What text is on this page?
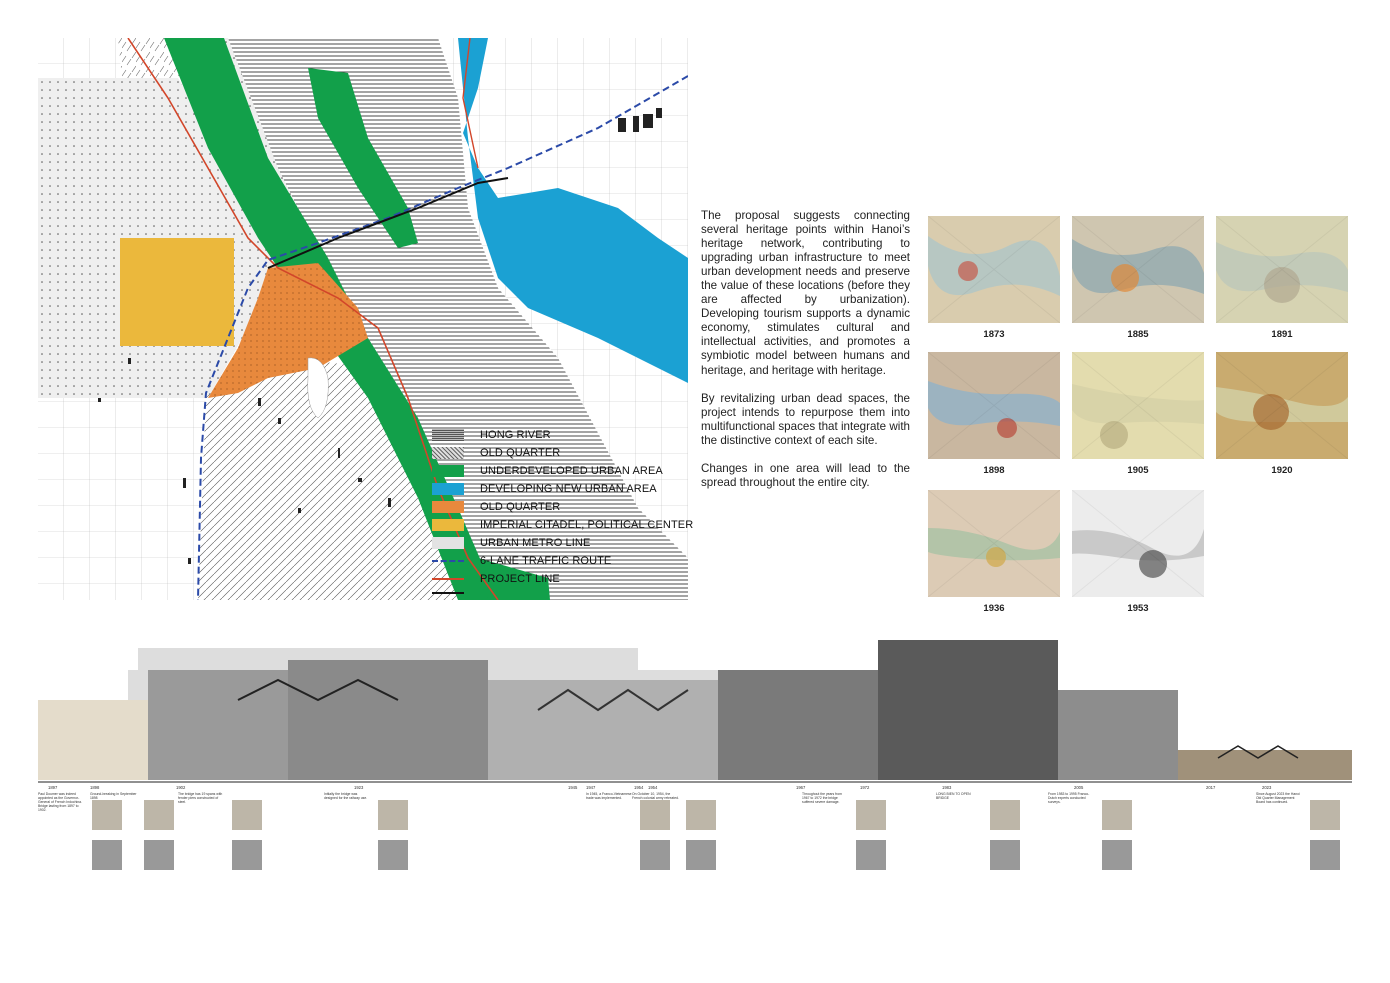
HONG RIVER
OLD QUARTER
UNDERDEVELOPED URBAN AREA
DEVELOPING NEW URBAN AREA
OLD QUARTER
IMPERIAL CITADEL, POLITICAL CENTER
URBAN METRO LINE
6-LANE TRAFFIC ROUTE
PROJECT LINE

The proposal suggests connecting several heritage points within Hanoi’s heritage network, contributing to upgrading urban infrastructure to meet urban development needs and preserve the value of these locations (before they are affected by urbanization). Developing tourism supports a dynamic economy, stimulates cultural and intellectual activities, and promotes a symbiotic model between humans and heritage, and heritage with heritage.

By revitalizing urban dead spaces, the project intends to repurpose them into multifunctional spaces that integrate with the distinctive context of each site.

Changes in one area will lead to the spread throughout the entire city.

1897	1898	1902	1923	1945 1947	1954 1954	1967	1972	1983	2005	2017	2023
Paul Doumer was indeed appointed as the Governor-General of French Indochina. Bridge lasting from 1897 to 1902.
Ground-breaking in September 1898
The bridge has 19 spans with fender piers constructed of steel.
Initially the bridge was designed for the railway use.
In 1945, a Franco-Vietnamese trade was implemented.
On October 10, 1954, the French colonial army retreated.
Throughout the years from 1967 to 1972 the bridge suffered severe damage.
LONG BIEN TO OPEN BRIDGE
From 1983 to 1995 Franco-Dutch experts conducted surveys.
Since August 2023 the Hanoi Old Quarter Management Board has continued.
1873	1885	1891
1898	1905	1920
1936	1953
